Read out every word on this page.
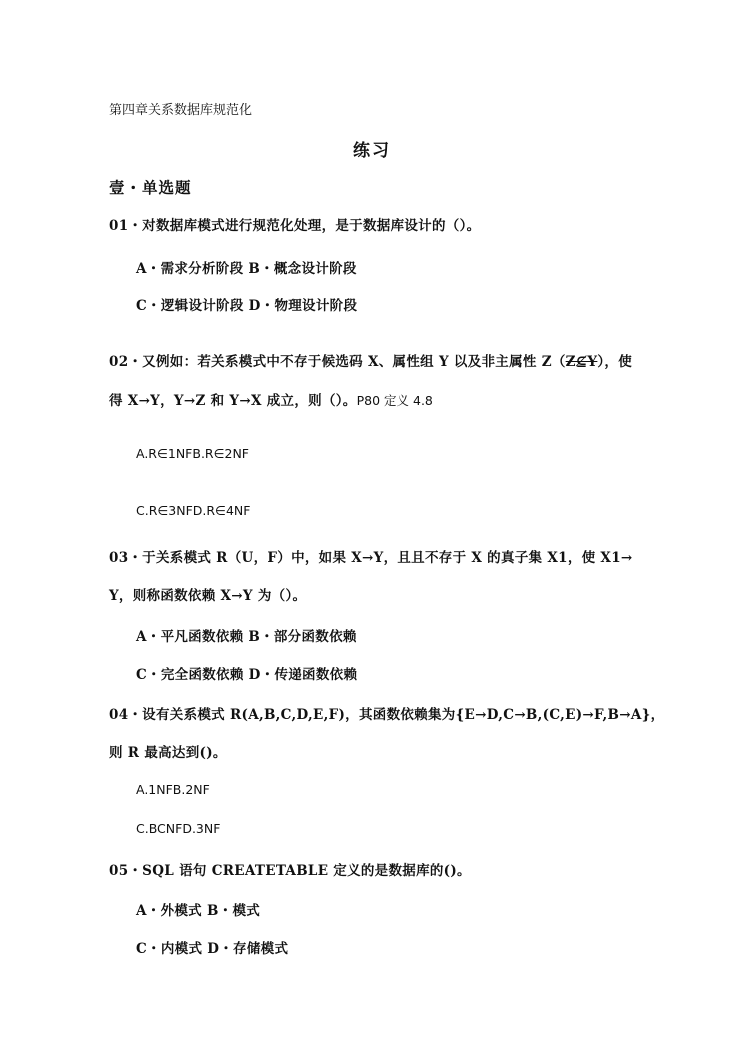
第四章关系数据库规范化
练习
壹・单选题
01・对数据库模式进行规范化处理，是于数据库设计的（）。
A・需求分析阶段 B・概念设计阶段
C・逻辑设计阶段 D・物理设计阶段
02・又例如：若关系模式中不存于候选码 X、属性组 Y 以及非主属性 Z（Z⊈Y），使
得 X→Y，Y→Z 和 Y→X 成立，则（）。P80 定义 4.8
A.R∈1NFB.R∈2NF
C.R∈3NFD.R∈4NF
03・于关系模式 R（U，F）中，如果 X→Y，且且不存于 X 的真子集 X1，使 X1→
Y，则称函数依赖 X→Y 为（）。
A・平凡函数依赖 B・部分函数依赖
C・完全函数依赖 D・传递函数依赖
04・设有关系模式 R(A,B,C,D,E,F)，其函数依赖集为{E→D,C→B,(C,E)→F,B→A}，
则 R 最高达到()。
A.1NFB.2NF
C.BCNFD.3NF
05・SQL 语句 CREATETABLE 定义的是数据库的()。
A・外模式 B・模式
C・内模式 D・存储模式
